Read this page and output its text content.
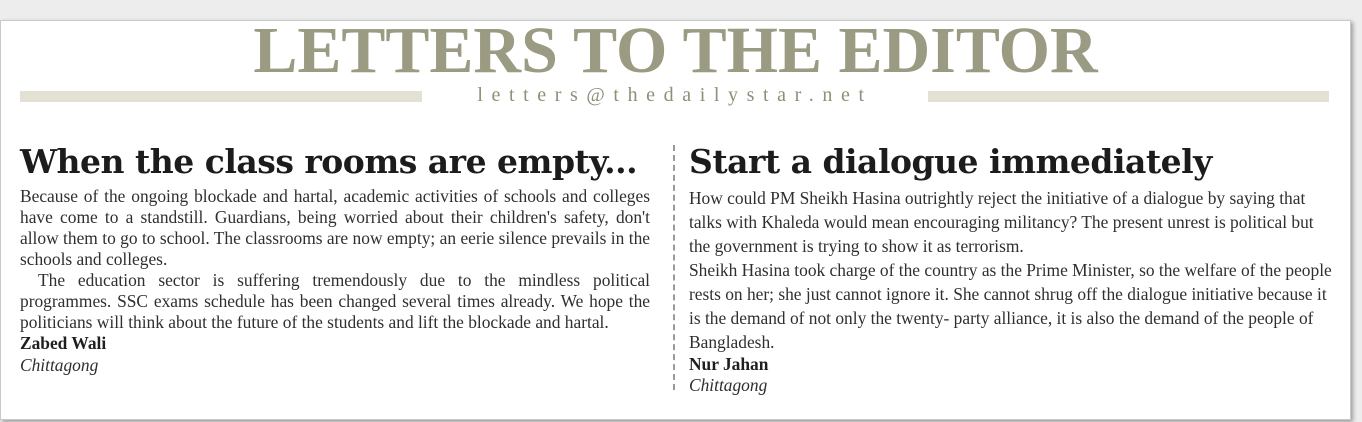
LETTERS TO THE EDITOR
letters@thedailystar.net
When the class rooms are empty...

Because of the ongoing blockade and hartal, academic activities of schools and colleges have come to a standstill. Guardians, being worried about their children's safety, don't allow them to go to school. The classrooms are now empty; an eerie silence prevails in the schools and colleges.

The education sector is suffering tremendously due to the mindless political programmes. SSC exams schedule has been changed several times already. We hope the politicians will think about the future of the students and lift the blockade and hartal.

Zabed Wali

Chittagong

Start a dialogue immediately

How could PM Sheikh Hasina outrightly reject the initiative of a dialogue by saying that talks with Khaleda would mean encouraging militancy? The present unrest is political but the government is trying to show it as terrorism.

Sheikh Hasina took charge of the country as the Prime Minister, so the welfare of the people rests on her; she just cannot ignore it. She cannot shrug off the dialogue initiative because it is the demand of not only the twenty- party alliance, it is also the demand of the people of Bangladesh.

Nur Jahan

Chittagong
